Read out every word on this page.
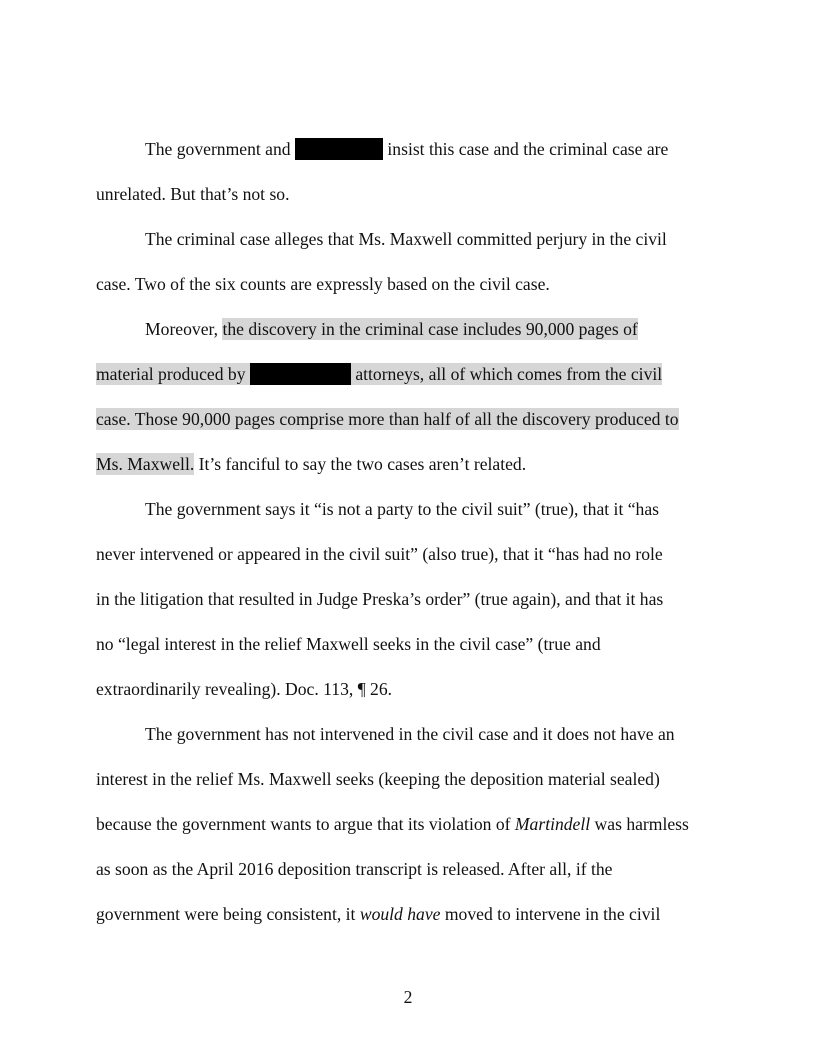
The government and	insist this case and the criminal case are
unrelated. But that’s not so.
The criminal case alleges that Ms. Maxwell committed perjury in the civil
case. Two of the six counts are expressly based on the civil case.
Moreover, the discovery in the criminal case includes 90,000 pages of
material produced by	attorneys, all of which comes from the civil
case. Those 90,000 pages comprise more than half of all the discovery produced to
Ms. Maxwell. It’s fanciful to say the two cases aren’t related.
The government says it “is not a party to the civil suit” (true), that it “has
never intervened or appeared in the civil suit” (also true), that it “has had no role
in the litigation that resulted in Judge Preska’s order” (true again), and that it has
no “legal interest in the relief Maxwell seeks in the civil case” (true and
extraordinarily revealing). Doc. 113, ¶ 26.
The government has not intervened in the civil case and it does not have an
interest in the relief Ms. Maxwell seeks (keeping the deposition material sealed)
because the government wants to argue that its violation of Martindell was harmless
as soon as the April 2016 deposition transcript is released. After all, if the
government were being consistent, it would have moved to intervene in the civil
2
